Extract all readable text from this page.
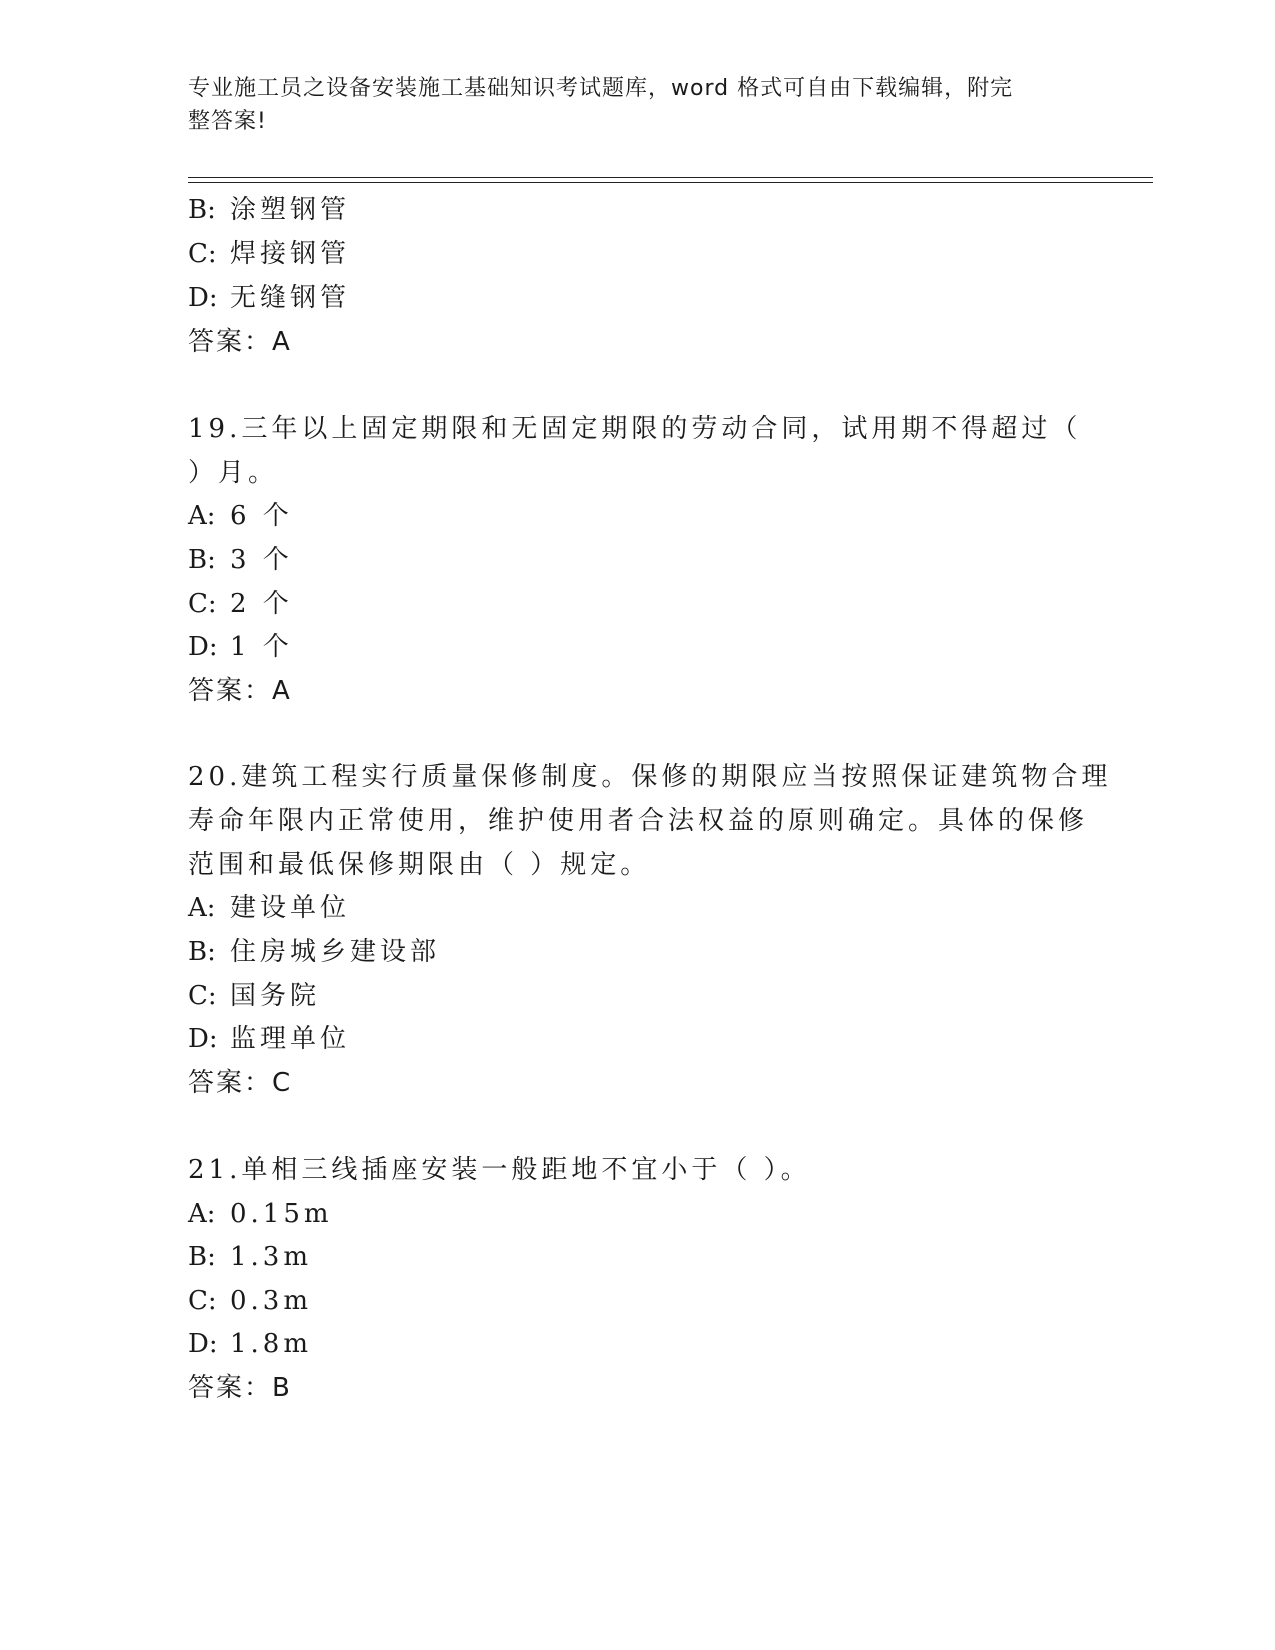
专业施工员之设备安装施工基础知识考试题库，word 格式可自由下载编辑，附完
整答案!
B: 涂塑钢管
C: 焊接钢管
D: 无缝钢管
答案：A
19.三年以上固定期限和无固定期限的劳动合同，试用期不得超过（
）月。
A: 6 个
B: 3 个
C: 2 个
D: 1 个
答案：A
20.建筑工程实行质量保修制度。保修的期限应当按照保证建筑物合理
寿命年限内正常使用，维护使用者合法权益的原则确定。具体的保修
范围和最低保修期限由（ ）规定。
A: 建设单位
B: 住房城乡建设部
C: 国务院
D: 监理单位
答案：C
21.单相三线插座安装一般距地不宜小于（ ）。
A: 0.15m
B: 1.3m
C: 0.3m
D: 1.8m
答案：B
